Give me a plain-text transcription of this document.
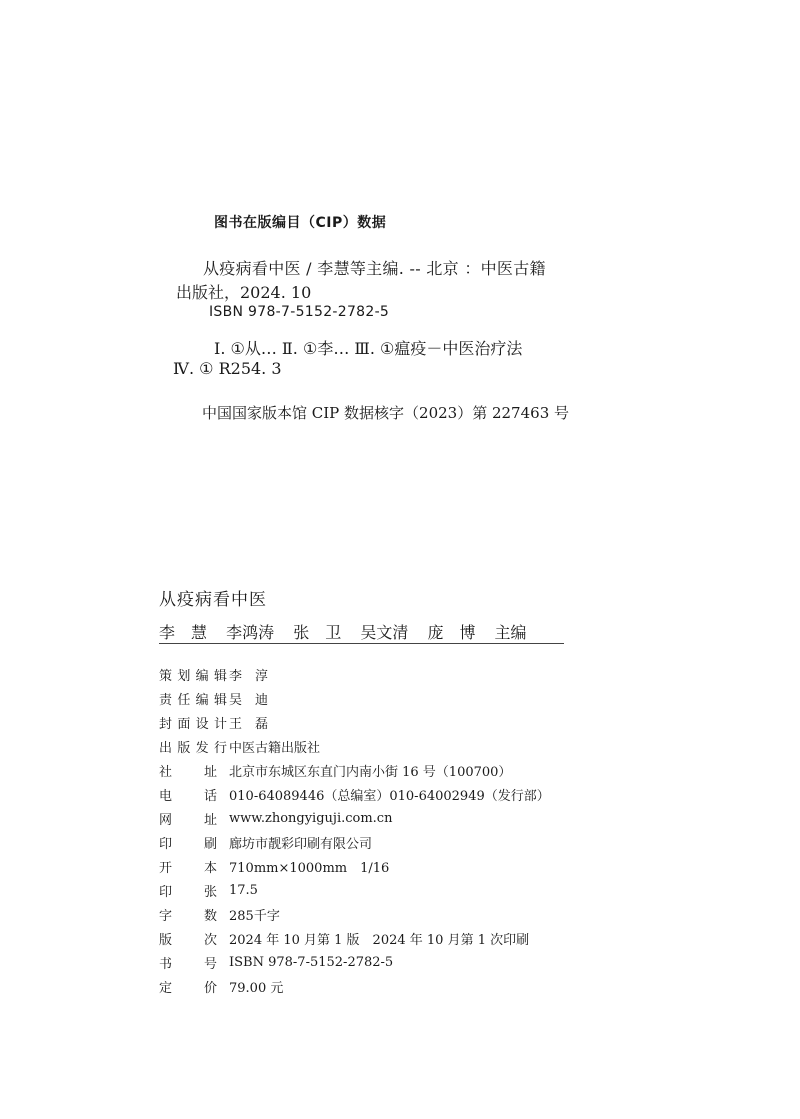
图书在版编目（CIP）数据
从疫病看中医 / 李慧等主编. -- 北京 ：中医古籍
出版社，2024. 10
ISBN 978-7-5152-2782-5
Ⅰ. ①从… Ⅱ. ①李… Ⅲ. ①瘟疫－中医治疗法
Ⅳ. ① R254. 3
中国国家版本馆 CIP 数据核字（2023）第 227463 号
从疫病看中医
李　慧 李鸿涛 张　卫 吴文清 庞　博 主编
策 划 编 辑 李　淳
责 任 编 辑 吴　迪
封 面 设 计 王　磊
出 版 发 行 中医古籍出版社
社 址 北京市东城区东直门内南小街 16 号（100700）
电 话 010-64089446（总编室）010-64002949（发行部）
网 址 www.zhongyiguji.com.cn
印 刷 廊坊市靓彩印刷有限公司
开 本 710mm×1000mm　1/16
印 张 17.5
字 数 285千字
版 次 2024 年 10 月第 1 版　2024 年 10 月第 1 次印刷
书 号 ISBN 978-7-5152-2782-5
定 价 79.00 元
